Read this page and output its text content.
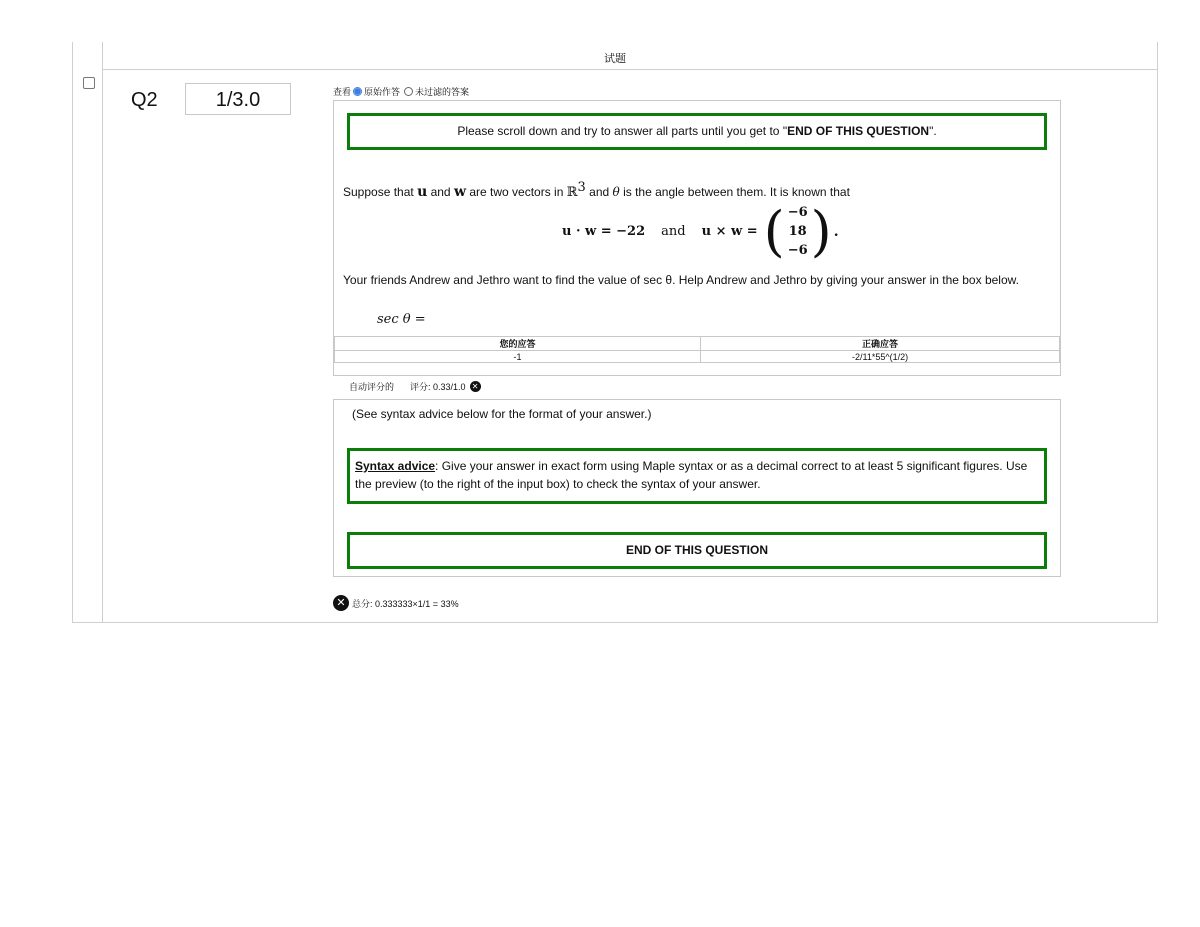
试题
Q2	1/3.0	查看 原始作答 未过滤的答案
Please scroll down and try to answer all parts until you get to "END OF THIS QUESTION".
Suppose that u and w are two vectors in ℝ$^3$ and θ is the angle between them. It is known that
u · w = −22 and u × w = ( −6
18
−6 ) .
Your friends Andrew and Jethro want to find the value of sec θ. Help Andrew and Jethro by giving your answer in the box below.
sec θ =
您的应答	正确应答
-1	-2/11*55^(1/2)
自动评分的 评分: 0.33/1.0 ✕
(See syntax advice below for the format of your answer.)
Syntax advice: Give your answer in exact form using Maple syntax or as a decimal correct to at least 5 significant figures. Use the preview (to the right of the input box) to check the syntax of your answer.
END OF THIS QUESTION
✕ 总分: 0.333333×1/1 = 33%
